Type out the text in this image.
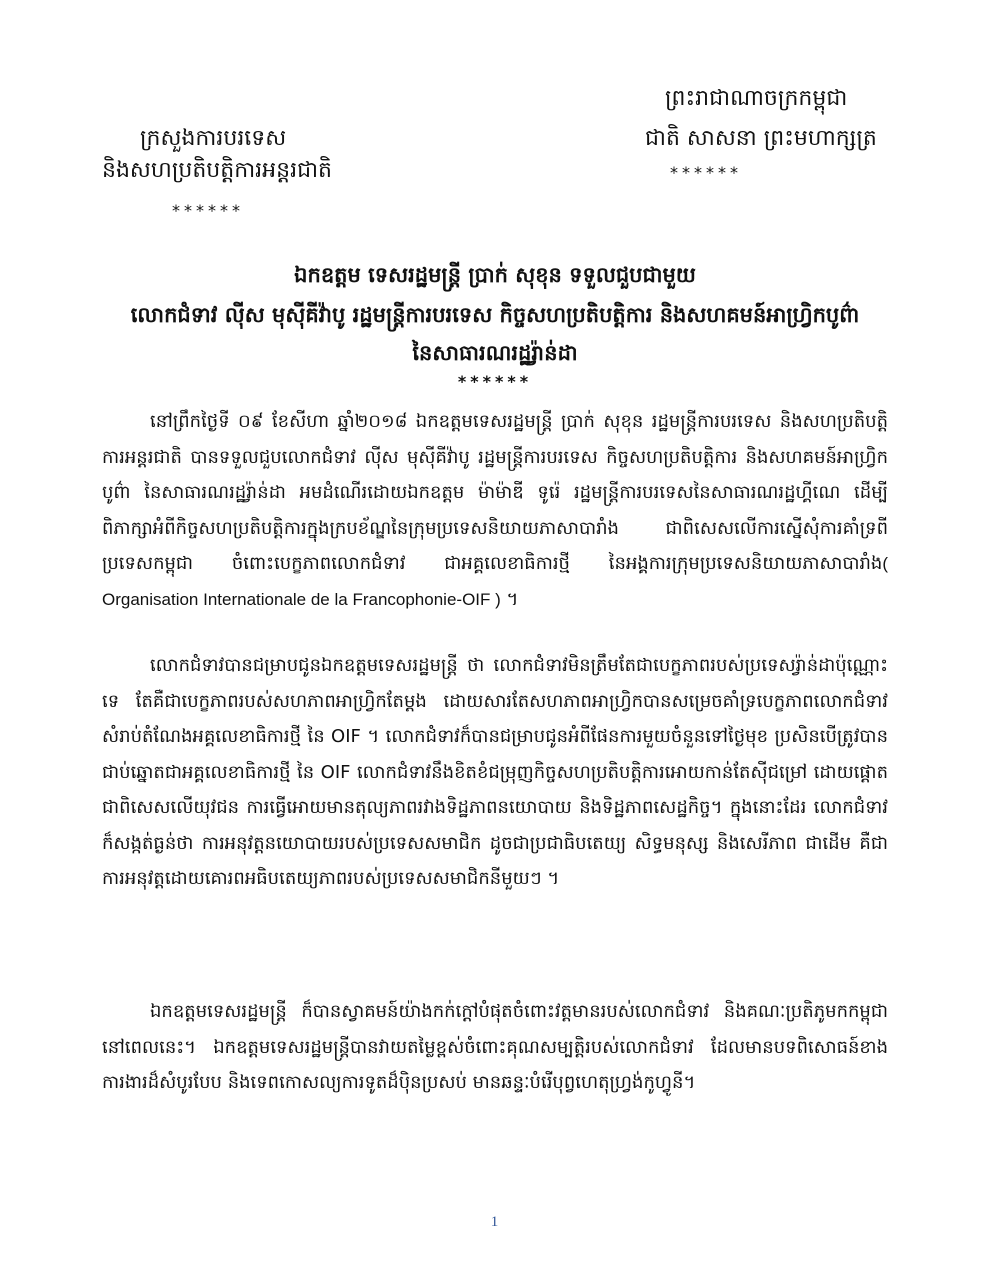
ព្រះរាជាណាចក្រកម្ពុជា
ជាតិ សាសនា ព្រះមហាក្សត្រ
******
ក្រសួងការបរទេស
និងសហប្រតិបត្តិការអន្តរជាតិ
******
ឯកឧត្តម ទេសរដ្ឋមន្ត្រី ប្រាក់ សុខុន ទទួលជួបជាមួយ
លោកជំទាវ លុីស មុសុីគីវ៉ាបូ រដ្ឋមន្ត្រីការបរទេស កិច្ចសហប្រតិបត្តិការ និងសហគមន៍អាហ្វ្រិកបូព៌ា
នៃសាធារណរដ្ឋរ៉្វាន់ដា
******

នៅព្រឹកថ្ងៃទី ០៩ ខែសីហា ឆ្នាំ២០១៨ ឯកឧត្តមទេសរដ្ឋមន្ត្រី ប្រាក់ សុខុន រដ្ឋមន្ត្រីការបរទេស និងសហប្រតិបត្តិការអន្តរជាតិ បានទទួលជួបលោកជំទាវ លុីស មុសុីគីវ៉ាបូ រដ្ឋមន្ត្រីការបរទេស កិច្ចសហប្រតិបត្តិការ និងសហគមន៍អាហ្វ្រិកបូព៌ា នៃសាធារណរដ្ឋរ៉្វាន់ដា អមដំណើរដោយឯកឧត្តម ម៉ាម៉ាឌី ទូរ៉េ រដ្ឋមន្ត្រីការបរទេសនៃសាធារណរដ្ឋហ្គីណេ ដើម្បីពិភាក្សាអំពីកិច្ចសហប្រតិបត្តិការក្នុងក្របខ័ណ្ឌនៃក្រុមប្រទេសនិយាយភាសាបារាំង ជាពិសេសលើការស្នើសុំការគាំទ្រពីប្រទេសកម្ពុជា ចំពោះបេក្ខភាពលោកជំទាវ ជាអគ្គលេខាធិការថ្មី នៃអង្គការក្រុមប្រទេសនិយាយភាសាបារាំង( Organisation Internationale de la Francophonie-OIF ) ។

លោកជំទាវបានជម្រាបជូនឯកឧត្តមទេសរដ្ឋមន្ត្រី ថា លោកជំទាវមិនត្រឹមតែជាបេក្ខភាពរបស់ប្រទេសរ៉្វាន់ដាប៉ុណ្ណោះទេ តែគឺជាបេក្ខភាពរបស់សហភាពអាហ្វ្រិកតែម្តង ដោយសារតែសហភាពអាហ្វ្រិកបានសម្រេចគាំទ្របេក្ខភាពលោកជំទាវសំរាប់តំណែងអគ្គលេខាធិការថ្មី នៃ OIF ។ លោកជំទាវក៏បានជម្រាបជូនអំពីផែនការមួយចំនួនទៅថ្ងៃមុខ ប្រសិនបើត្រូវបានជាប់ឆ្នោតជាអគ្គលេខាធិការថ្មី នៃ OIF លោកជំទាវនឹងខិតខំជម្រុញកិច្ចសហប្រតិបត្តិការអោយកាន់តែស៊ីជម្រៅ ដោយផ្តោតជាពិសេសលើយុវជន ការធ្វើអោយមានតុល្យភាពរវាងទិដ្ឋភាពនយោបាយ និងទិដ្ឋភាពសេដ្ឋកិច្ច។ ក្នុងនោះដែរ លោកជំទាវក៏សង្កត់ធ្ងន់ថា ការអនុវត្តនយោបាយរបស់ប្រទេសសមាជិក ដូចជាប្រជាធិបតេយ្យ សិទ្ធមនុស្ស និងសេរីភាព ជាដើម គឺជាការអនុវត្តដោយគោរពអធិបតេយ្យភាពរបស់ប្រទេសសមាជិកនីមួយៗ ។

ឯកឧត្តមទេសរដ្ឋមន្ត្រី ក៏បានស្វាគមន៍យ៉ាងកក់ក្តៅបំផុតចំពោះវត្តមានរបស់លោកជំទាវ និងគណៈប្រតិភូមកកម្ពុជានៅពេលនេះ។ ឯកឧត្តមទេសរដ្ឋមន្ត្រីបានវាយតម្លៃខ្ពស់ចំពោះគុណសម្បត្តិរបស់លោកជំទាវ ដែលមានបទពិសោធន៍ខាងការងារដ៏សំបូរបែប និងទេពកោសល្យការទូតដ៏ប៉ិនប្រសប់ មានឆន្ទៈបំរើបុព្វហេតុហ្វ្រង់កូហ្វូនី។

1
